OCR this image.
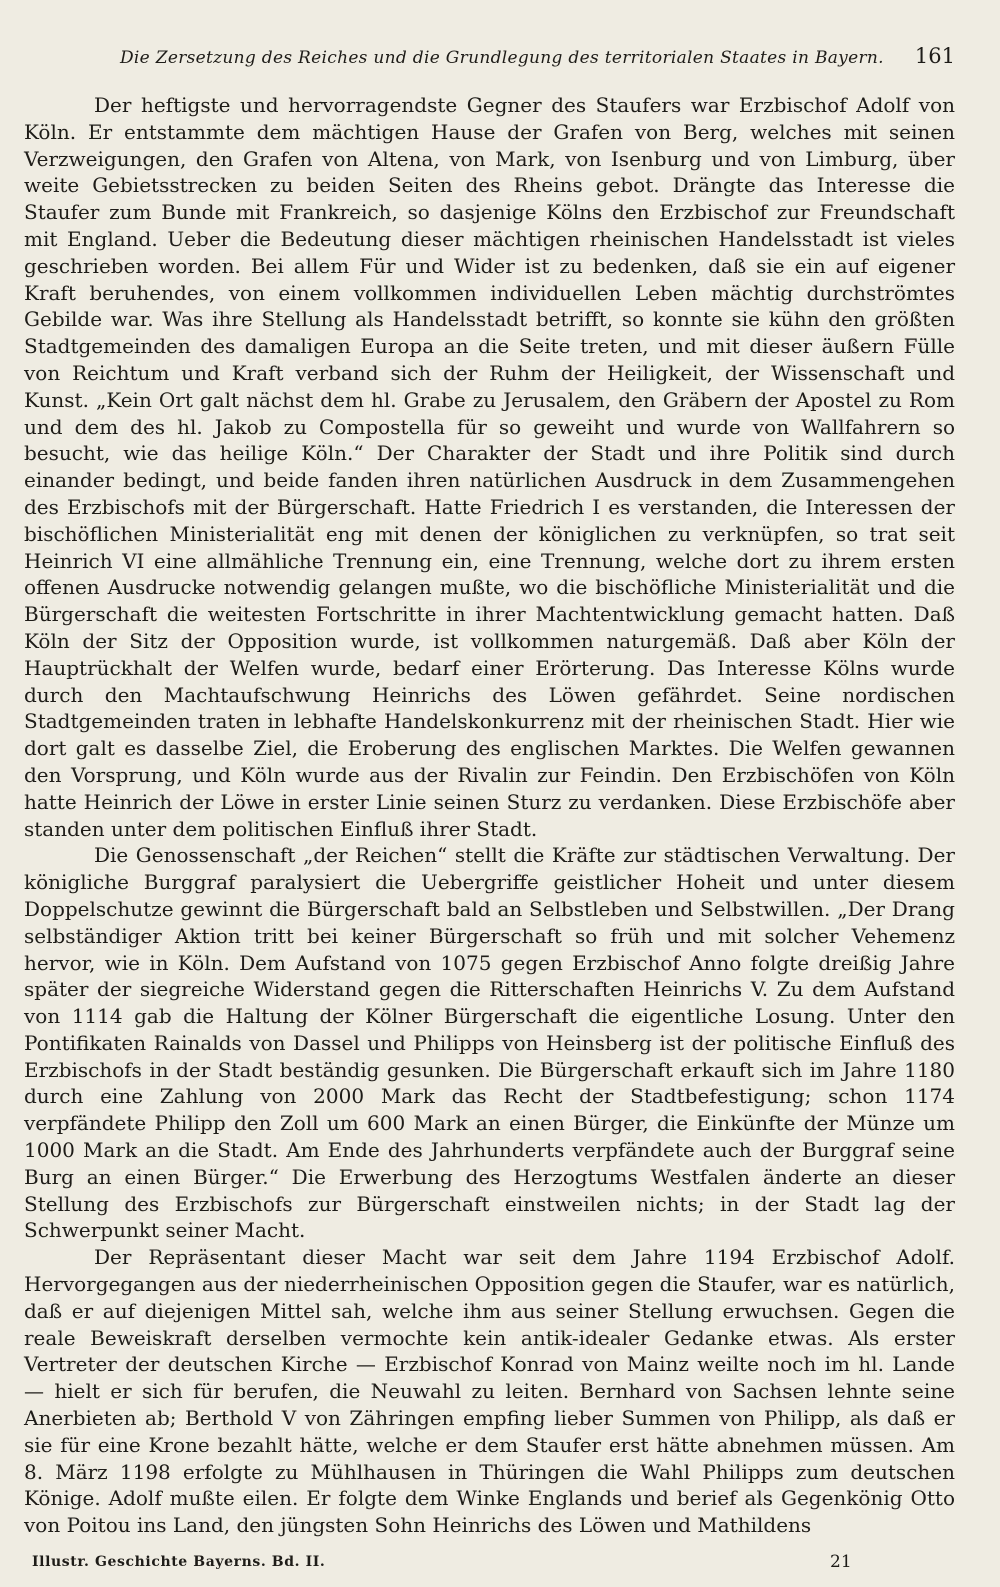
Die Zersetzung des Reiches und die Grundlegung des territorialen Staates in Bayern. 161

Der heftigste und hervorragendste Gegner des Staufers war Erzbischof Adolf von Köln. Er entstammte dem mächtigen Hause der Grafen von Berg, welches mit seinen Verzweigungen, den Grafen von Altena, von Mark, von Isenburg und von Limburg, über weite Gebietsstrecken zu beiden Seiten des Rheins gebot. Drängte das Interesse die Staufer zum Bunde mit Frankreich, so dasjenige Kölns den Erzbischof zur Freundschaft mit England. Ueber die Bedeutung dieser mächtigen rheinischen Handelsstadt ist vieles geschrieben worden. Bei allem Für und Wider ist zu bedenken, daß sie ein auf eigener Kraft beruhendes, von einem vollkommen individuellen Leben mächtig durchströmtes Gebilde war. Was ihre Stellung als Handelsstadt betrifft, so konnte sie kühn den größten Stadtgemeinden des damaligen Europa an die Seite treten, und mit dieser äußern Fülle von Reichtum und Kraft verband sich der Ruhm der Heiligkeit, der Wissenschaft und Kunst. „Kein Ort galt nächst dem hl. Grabe zu Jerusalem, den Gräbern der Apostel zu Rom und dem des hl. Jakob zu Compostella für so geweiht und wurde von Wallfahrern so besucht, wie das heilige Köln.“ Der Charakter der Stadt und ihre Politik sind durch einander bedingt, und beide fanden ihren natürlichen Ausdruck in dem Zusammengehen des Erzbischofs mit der Bürgerschaft. Hatte Friedrich I es verstanden, die Interessen der bischöflichen Ministerialität eng mit denen der königlichen zu verknüpfen, so trat seit Heinrich VI eine allmähliche Trennung ein, eine Trennung, welche dort zu ihrem ersten offenen Ausdrucke notwendig gelangen mußte, wo die bischöfliche Ministerialität und die Bürgerschaft die weitesten Fortschritte in ihrer Machtentwicklung gemacht hatten. Daß Köln der Sitz der Opposition wurde, ist vollkommen naturgemäß. Daß aber Köln der Hauptrückhalt der Welfen wurde, bedarf einer Erörterung. Das Interesse Kölns wurde durch den Machtaufschwung Heinrichs des Löwen gefährdet. Seine nordischen Stadtgemeinden traten in lebhafte Handelskonkurrenz mit der rheinischen Stadt. Hier wie dort galt es dasselbe Ziel, die Eroberung des englischen Marktes. Die Welfen gewannen den Vorsprung, und Köln wurde aus der Rivalin zur Feindin. Den Erzbischöfen von Köln hatte Heinrich der Löwe in erster Linie seinen Sturz zu verdanken. Diese Erzbischöfe aber standen unter dem politischen Einfluß ihrer Stadt.

Die Genossenschaft „der Reichen“ stellt die Kräfte zur städtischen Verwaltung. Der königliche Burggraf paralysiert die Uebergriffe geistlicher Hoheit und unter diesem Doppelschutze gewinnt die Bürgerschaft bald an Selbstleben und Selbstwillen. „Der Drang selbständiger Aktion tritt bei keiner Bürgerschaft so früh und mit solcher Vehemenz hervor, wie in Köln. Dem Aufstand von 1075 gegen Erzbischof Anno folgte dreißig Jahre später der siegreiche Widerstand gegen die Ritterschaften Heinrichs V. Zu dem Aufstand von 1114 gab die Haltung der Kölner Bürgerschaft die eigentliche Losung. Unter den Pontifikaten Rainalds von Dassel und Philipps von Heinsberg ist der politische Einfluß des Erzbischofs in der Stadt beständig gesunken. Die Bürgerschaft erkauft sich im Jahre 1180 durch eine Zahlung von 2000 Mark das Recht der Stadtbefestigung; schon 1174 verpfändete Philipp den Zoll um 600 Mark an einen Bürger, die Einkünfte der Münze um 1000 Mark an die Stadt. Am Ende des Jahrhunderts verpfändete auch der Burggraf seine Burg an einen Bürger.“ Die Erwerbung des Herzogtums Westfalen änderte an dieser Stellung des Erzbischofs zur Bürgerschaft einstweilen nichts; in der Stadt lag der Schwerpunkt seiner Macht.

Der Repräsentant dieser Macht war seit dem Jahre 1194 Erzbischof Adolf. Hervorgegangen aus der niederrheinischen Opposition gegen die Staufer, war es natürlich, daß er auf diejenigen Mittel sah, welche ihm aus seiner Stellung erwuchsen. Gegen die reale Beweiskraft derselben vermochte kein antik-idealer Gedanke etwas. Als erster Vertreter der deutschen Kirche — Erzbischof Konrad von Mainz weilte noch im hl. Lande — hielt er sich für berufen, die Neuwahl zu leiten. Bernhard von Sachsen lehnte seine Anerbieten ab; Berthold V von Zähringen empfing lieber Summen von Philipp, als daß er sie für eine Krone bezahlt hätte, welche er dem Staufer erst hätte abnehmen müssen. Am 8. März 1198 erfolgte zu Mühlhausen in Thüringen die Wahl Philipps zum deutschen Könige. Adolf mußte eilen. Er folgte dem Winke Englands und berief als Gegenkönig Otto von Poitou ins Land, den jüngsten Sohn Heinrichs des Löwen und Mathildens

Illustr. Geschichte Bayerns. Bd. II.	21
